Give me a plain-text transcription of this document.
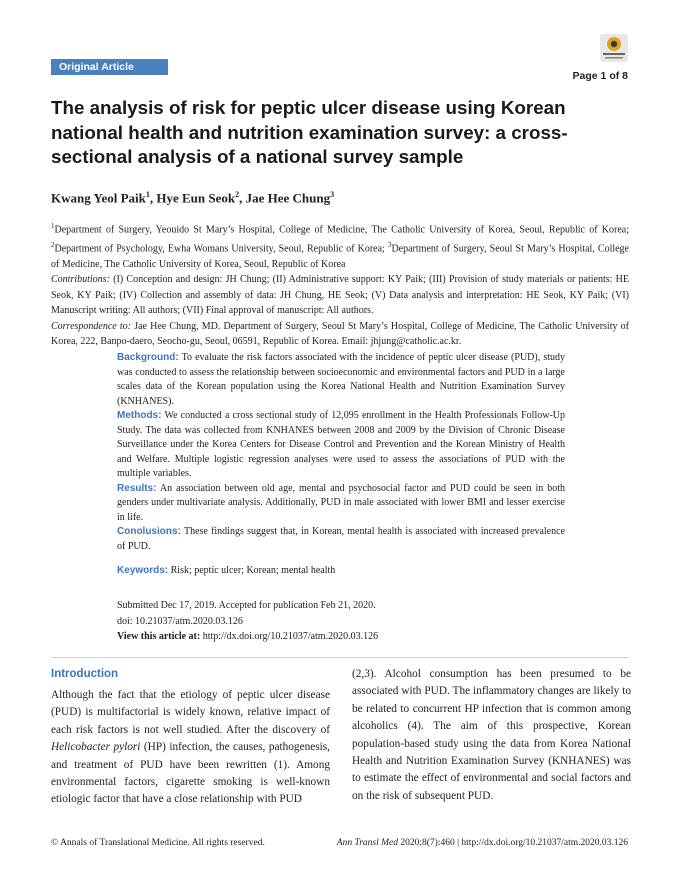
Original Article
Page 1 of 8
The analysis of risk for peptic ulcer disease using Korean national health and nutrition examination survey: a cross-sectional analysis of a national survey sample
Kwang Yeol Paik$^1$, Hye Eun Seok$^2$, Jae Hee Chung$^3$
$^1$Department of Surgery, Yeouido St Mary’s Hospital, College of Medicine, The Catholic University of Korea, Seoul, Republic of Korea; $^2$Department of Psychology, Ewha Womans University, Seoul, Republic of Korea; $^3$Department of Surgery, Seoul St Mary’s Hospital, College of Medicine, The Catholic University of Korea, Seoul, Republic of Korea
Contributions: (I) Conception and design: JH Chung; (II) Administrative support: KY Paik; (III) Provision of study materials or patients: HE Seok, KY Paik; (IV) Collection and assembly of data: JH Chung, HE Seok; (V) Data analysis and interpretation: HE Seok, KY Paik; (VI) Manuscript writing: All authors; (VII) Final approval of manuscript: All authors.
Correspondence to: Jae Hee Chung, MD. Department of Surgery, Seoul St Mary’s Hospital, College of Medicine, The Catholic University of Korea, 222, Banpo-daero, Seocho-gu, Seoul, 06591, Republic of Korea. Email: jhjung@catholic.ac.kr.

Background: To evaluate the risk factors associated with the incidence of peptic ulcer disease (PUD), study was conducted to assess the relationship between socioeconomic and environmental factors and PUD in a large scales data of the Korean population using the Korea National Health and Nutrition Examination Survey (KNHANES).

Methods: We conducted a cross sectional study of 12,095 enrollment in the Health Professionals Follow-Up Study. The data was collected from KNHANES between 2008 and 2009 by the Division of Chronic Disease Surveillance under the Korea Centers for Disease Control and Prevention and the Korean Ministry of Health and Welfare. Multiple logistic regression analyses were used to assess the associations of PUD with the multiple variables.

Results: An association between old age, mental and psychosocial factor and PUD could be seen in both genders under multivariate analysis. Additionally, PUD in male associated with lower BMI and lesser exercise in life.

Conolusions: These findings suggest that, in Korean, mental health is associated with increased prevalence of PUD.

Keywords: Risk; peptic ulcer; Korean; mental health

Submitted Dec 17, 2019. Accepted for publication Feb 21, 2020.
doi: 10.21037/atm.2020.03.126
View this article at: http://dx.doi.org/10.21037/atm.2020.03.126
Introduction
Although the fact that the etiology of peptic ulcer disease (PUD) is multifactorial is widely known, relative impact of each risk factors is not well studied. After the discovery of Helicobacter pylori (HP) infection, the causes, pathogenesis, and treatment of PUD have been rewritten (1). Among environmental factors, cigarette smoking is well-known etiologic factor that have a close relationship with PUD
(2,3). Alcohol consumption has been presumed to be associated with PUD. The inflammatory changes are likely to be related to concurrent HP infection that is common among alcoholics (4). The aim of this prospective, Korean population-based study using the data from Korea National Health and Nutrition Examination Survey (KNHANES) was to estimate the effect of environmental and social factors and on the risk of subsequent PUD.
© Annals of Translational Medicine. All rights reserved.	Ann Transl Med 2020;8(7):460 | http://dx.doi.org/10.21037/atm.2020.03.126
